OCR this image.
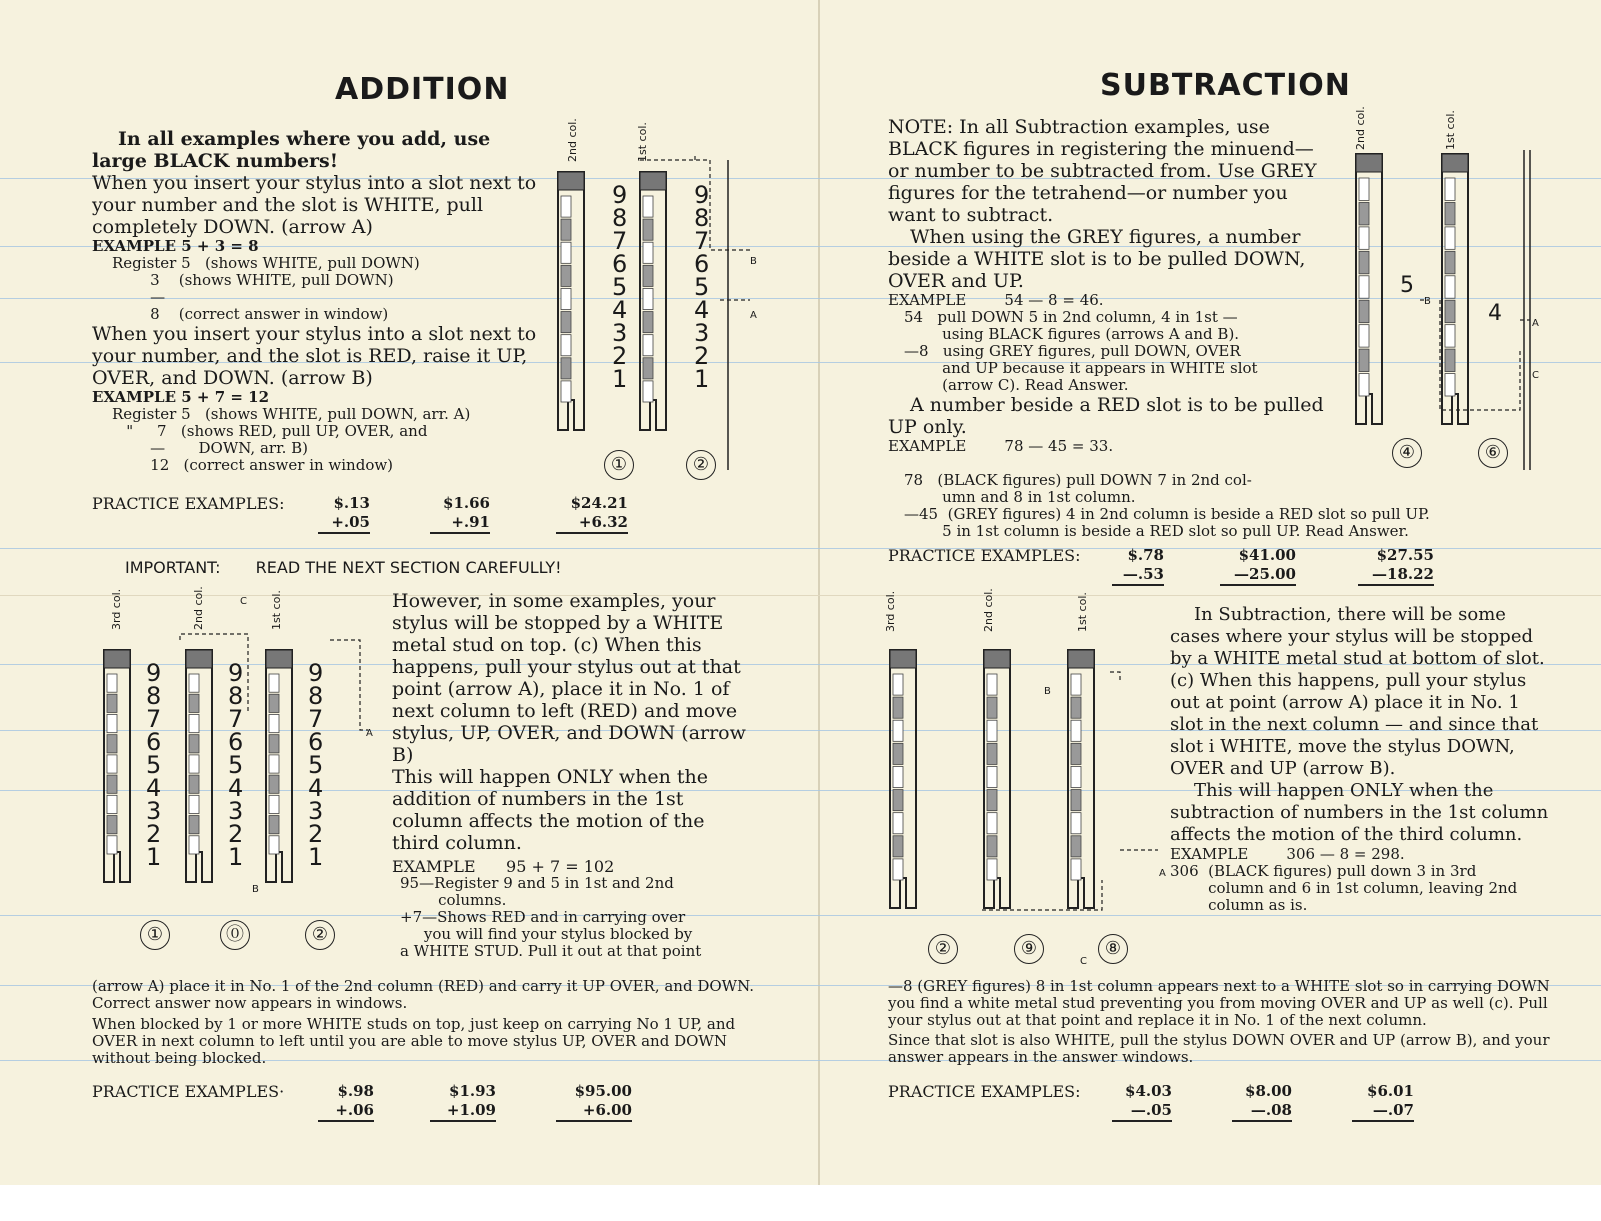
ADDITION

In all examples where you add, use large BLACK numbers!

When you insert your stylus into a slot next to your number and the slot is WHITE, pull completely DOWN. (arrow A)

EXAMPLE 5 + 3 = 8

Register 5   (shows WHITE, pull DOWN)

3    (shows WHITE, pull DOWN)

—

8    (correct answer in window)

When you insert your stylus into a slot next to your number, and the slot is RED, raise it UP, OVER, and DOWN. (arrow B)

EXAMPLE 5 + 7 = 12

Register 5   (shows WHITE, pull DOWN, arr. A)

"     7   (shows RED, pull UP, OVER, and

—       DOWN, arr. B)

12   (correct answer in window)

PRACTICE EXAMPLES:	$.13
+.05
$1.66
+.91
$24.21
+6.32
IMPORTANT: READ THE NEXT SECTION CAREFULLY!

However, in some examples, your stylus will be stopped by a WHITE metal stud on top. (c) When this happens, pull your stylus out at that point (arrow A), place it in No. 1 of next column to left (RED) and move stylus, UP, OVER, and DOWN (arrow B)

This will happen ONLY when the addition of numbers in the 1st column affects the motion of the third column.

EXAMPLE      95 + 7 = 102

95—Register 9 and 5 in 1st and 2nd

columns.

+7—Shows RED and in carrying over

you will find your stylus blocked by

a WHITE STUD. Pull it out at that point

(arrow A) place it in No. 1 of the 2nd column (RED) and carry it UP OVER, and DOWN. Correct answer now appears in windows.

When blocked by 1 or more WHITE studs on top, just keep on carrying No 1 UP, and OVER in next column to left until you are able to move stylus UP, OVER and DOWN without being blocked.

PRACTICE EXAMPLES·	$.98
+.06
$1.93
+1.09
$95.00
+6.00
SUBTRACTION

NOTE: In all Subtraction examples, use BLACK figures in registering the minuend— or number to be subtracted from. Use GREY figures for the tetrahend—or number you want to subtract.

When using the GREY figures, a number beside a WHITE slot is to be pulled DOWN, OVER and UP.

EXAMPLE        54 — 8 = 46.

54   pull DOWN 5 in 2nd column, 4 in 1st —

using BLACK figures (arrows A and B).

—8   using GREY figures, pull DOWN, OVER

and UP because it appears in WHITE slot

(arrow C). Read Answer.

A number beside a RED slot is to be pulled UP only.

EXAMPLE        78 — 45 = 33.

78   (BLACK figures) pull DOWN 7 in 2nd col-

umn and 8 in 1st column.

—45  (GREY figures) 4 in 2nd column is beside a RED slot so pull UP.

5 in 1st column is beside a RED slot so pull UP. Read Answer.

PRACTICE EXAMPLES:	$.78
—.53
$41.00
—25.00
$27.55
—18.22

In Subtraction, there will be some cases where your stylus will be stopped by a WHITE metal stud at bottom of slot. (c) When this happens, pull your stylus out at point (arrow A) place it in No. 1 slot in the next column — and since that slot i WHITE, move the stylus DOWN, OVER and UP (arrow B).

This will happen ONLY when the subtraction of numbers in the 1st column affects the motion of the third column.

EXAMPLE        306 — 8 = 298.

306  (BLACK figures) pull down 3 in 3rd

column and 6 in 1st column, leaving 2nd

column as is.

—8 (GREY figures) 8 in 1st column appears next to a WHITE slot so in carrying DOWN you find a white metal stud preventing you from moving OVER and UP as well (c). Pull your stylus out at that point and replace it in No. 1 of the next column.

Since that slot is also WHITE, pull the stylus DOWN OVER and UP (arrow B), and your answer appears in the answer windows.

PRACTICE EXAMPLES:	$4.03
—.05
$8.00
—.08
$6.01
—.07
2nd col.	1st col.
3rd col.	2nd col.	1st col.
2nd col.	1st col.
3rd col.	2nd col.	1st col.
①	②
①	⓪	②
④	⑥
②	⑨	⑧
B
A
C
A
B
A
B
C
A
B
C
5
4
9
8
7
6
5
4
3
2
1
9
8
7
6
5
4
3
2
1
9
8
7
6
5
4
3
2
1
9
8
7
6
5
4
3
2
1
9
8
7
6
5
4
3
2
1
